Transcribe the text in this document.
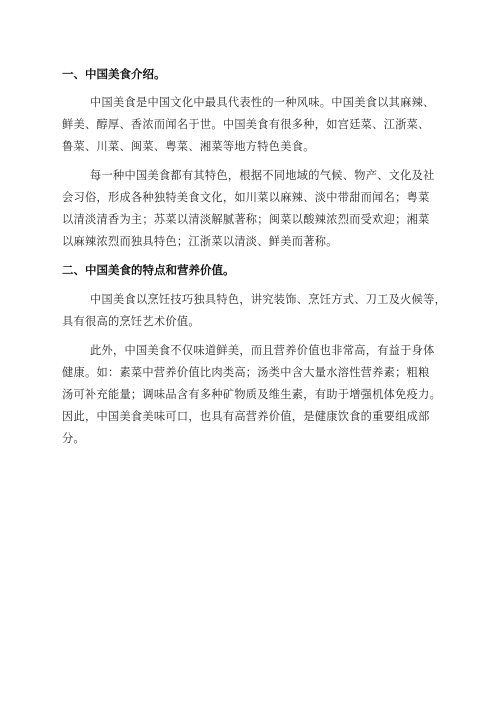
一、中国美食介绍。
中国美食是中国文化中最具代表性的一种风味。中国美食以其麻辣、
鲜美、醇厚、香浓而闻名于世。中国美食有很多种，如宫廷菜、江浙菜、
鲁菜、川菜、闽菜、粤菜、湘菜等地方特色美食。
每一种中国美食都有其特色，根据不同地域的气候、物产、文化及社
会习俗，形成各种独特美食文化，如川菜以麻辣、淡中带甜而闻名；粤菜
以清淡清香为主；苏菜以清淡解腻著称；闽菜以酸辣浓烈而受欢迎；湘菜
以麻辣浓烈而独具特色；江浙菜以清淡、鲜美而著称。
二、中国美食的特点和营养价值。
中国美食以烹饪技巧独具特色，讲究装饰、烹饪方式、刀工及火候等，
具有很高的烹饪艺术价值。
此外，中国美食不仅味道鲜美，而且营养价值也非常高，有益于身体
健康。如：素菜中营养价值比肉类高；汤类中含大量水溶性营养素；粗粮
汤可补充能量；调味品含有多种矿物质及维生素，有助于增强机体免疫力。
因此，中国美食美味可口，也具有高营养价值，是健康饮食的重要组成部
分。
